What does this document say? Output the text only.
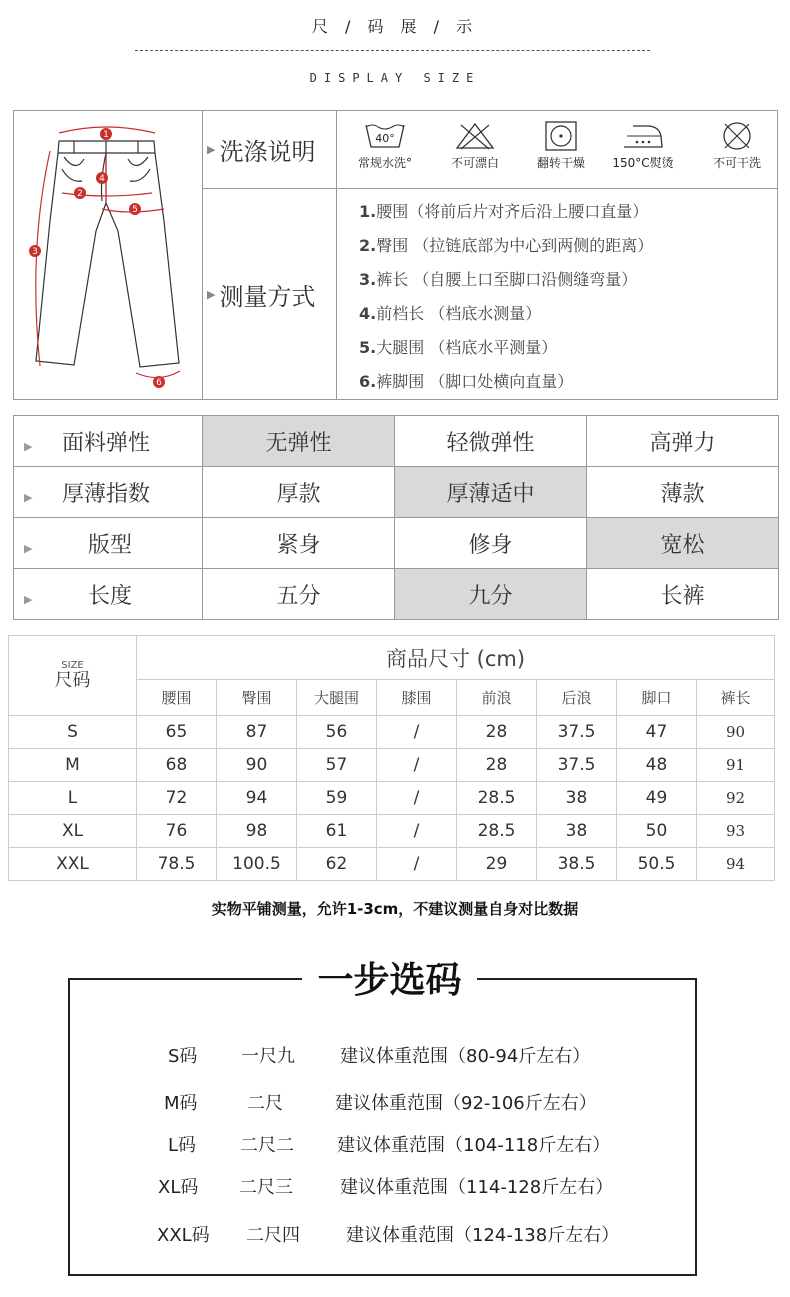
尺 / 码 展 / 示
DISPLAY SIZE
1
2
3
4
5
6
▶ 洗涤说明
▶ 测量方式
40°
常规水洗°	不可漂白	翻转干燥	150°C熨烫	不可干洗
1.腰围（将前后片对齐后沿上腰口直量）
2.臀围 （拉链底部为中心到两侧的距离）
3.裤长 （自腰上口至脚口沿侧缝弯量）
4.前档长 （档底水测量）
5.大腿围 （档底水平测量）
6.裤脚围 （脚口处横向直量）
▶ 面料弹性	无弹性	轻微弹性	高弹力
▶ 厚薄指数	厚款	厚薄适中	薄款
▶ 版型	紧身	修身	宽松
▶ 长度	五分	九分	长裤
SIZE
尺码	商品尺寸 (cm)							
	腰围	臀围	大腿围	膝围	前浪	后浪	脚口	裤长
S	65	87	56	/	28	37.5	47	90
M	68	90	57	/	28	37.5	48	91
L	72	94	59	/	28.5	38	49	92
XL	76	98	61	/	28.5	38	50	93
XXL	78.5	100.5	62	/	29	38.5	50.5	94
实物平铺测量，允许1-3cm，不建议测量自身对比数据
一步选码
S码 一尺九	建议体重范围（80-94斤左右）
M码	二尺	建议体重范围（92-106斤左右）
L码 二尺二 建议体重范围（104-118斤左右）
XL码 二尺三	建议体重范围（114-128斤左右）
XXL码 二尺四	建议体重范围（124-138斤左右）
